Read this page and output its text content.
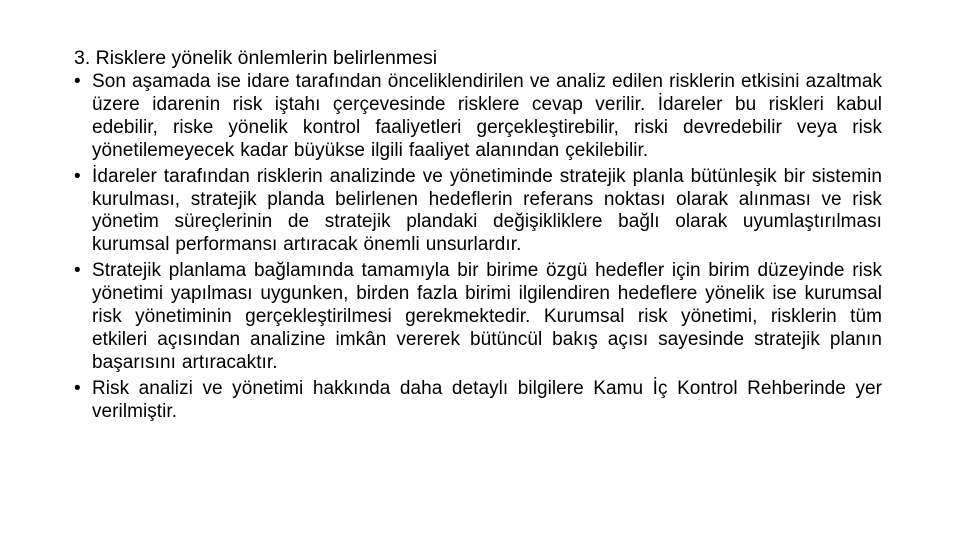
3. Risklere yönelik önlemlerin belirlenmesi

• Son aşamada ise idare tarafından önceliklendirilen ve analiz edilen risklerin etkisini azaltmak üzere idarenin risk iştahı çerçevesinde risklere cevap verilir. İdareler bu riskleri kabul edebilir, riske yönelik kontrol faaliyetleri gerçekleştirebilir, riski devredebilir veya risk yönetilemeyecek kadar büyükse ilgili faaliyet alanından çekilebilir.
• İdareler tarafından risklerin analizinde ve yönetiminde stratejik planla bütünleşik bir sistemin kurulması, stratejik planda belirlenen hedeflerin referans noktası olarak alınması ve risk yönetim süreçlerinin de stratejik plandaki değişikliklere bağlı olarak uyumlaştırılması kurumsal performansı artıracak önemli unsurlardır.
• Stratejik planlama bağlamında tamamıyla bir birime özgü hedefler için birim düzeyinde risk yönetimi yapılması uygunken, birden fazla birimi ilgilendiren hedeflere yönelik ise kurumsal risk yönetiminin gerçekleştirilmesi gerekmektedir. Kurumsal risk yönetimi, risklerin tüm etkileri açısından analizine imkân vererek bütüncül bakış açısı sayesinde stratejik planın başarısını artıracaktır.
• Risk analizi ve yönetimi hakkında daha detaylı bilgilere Kamu İç Kontrol Rehberinde yer verilmiştir.
